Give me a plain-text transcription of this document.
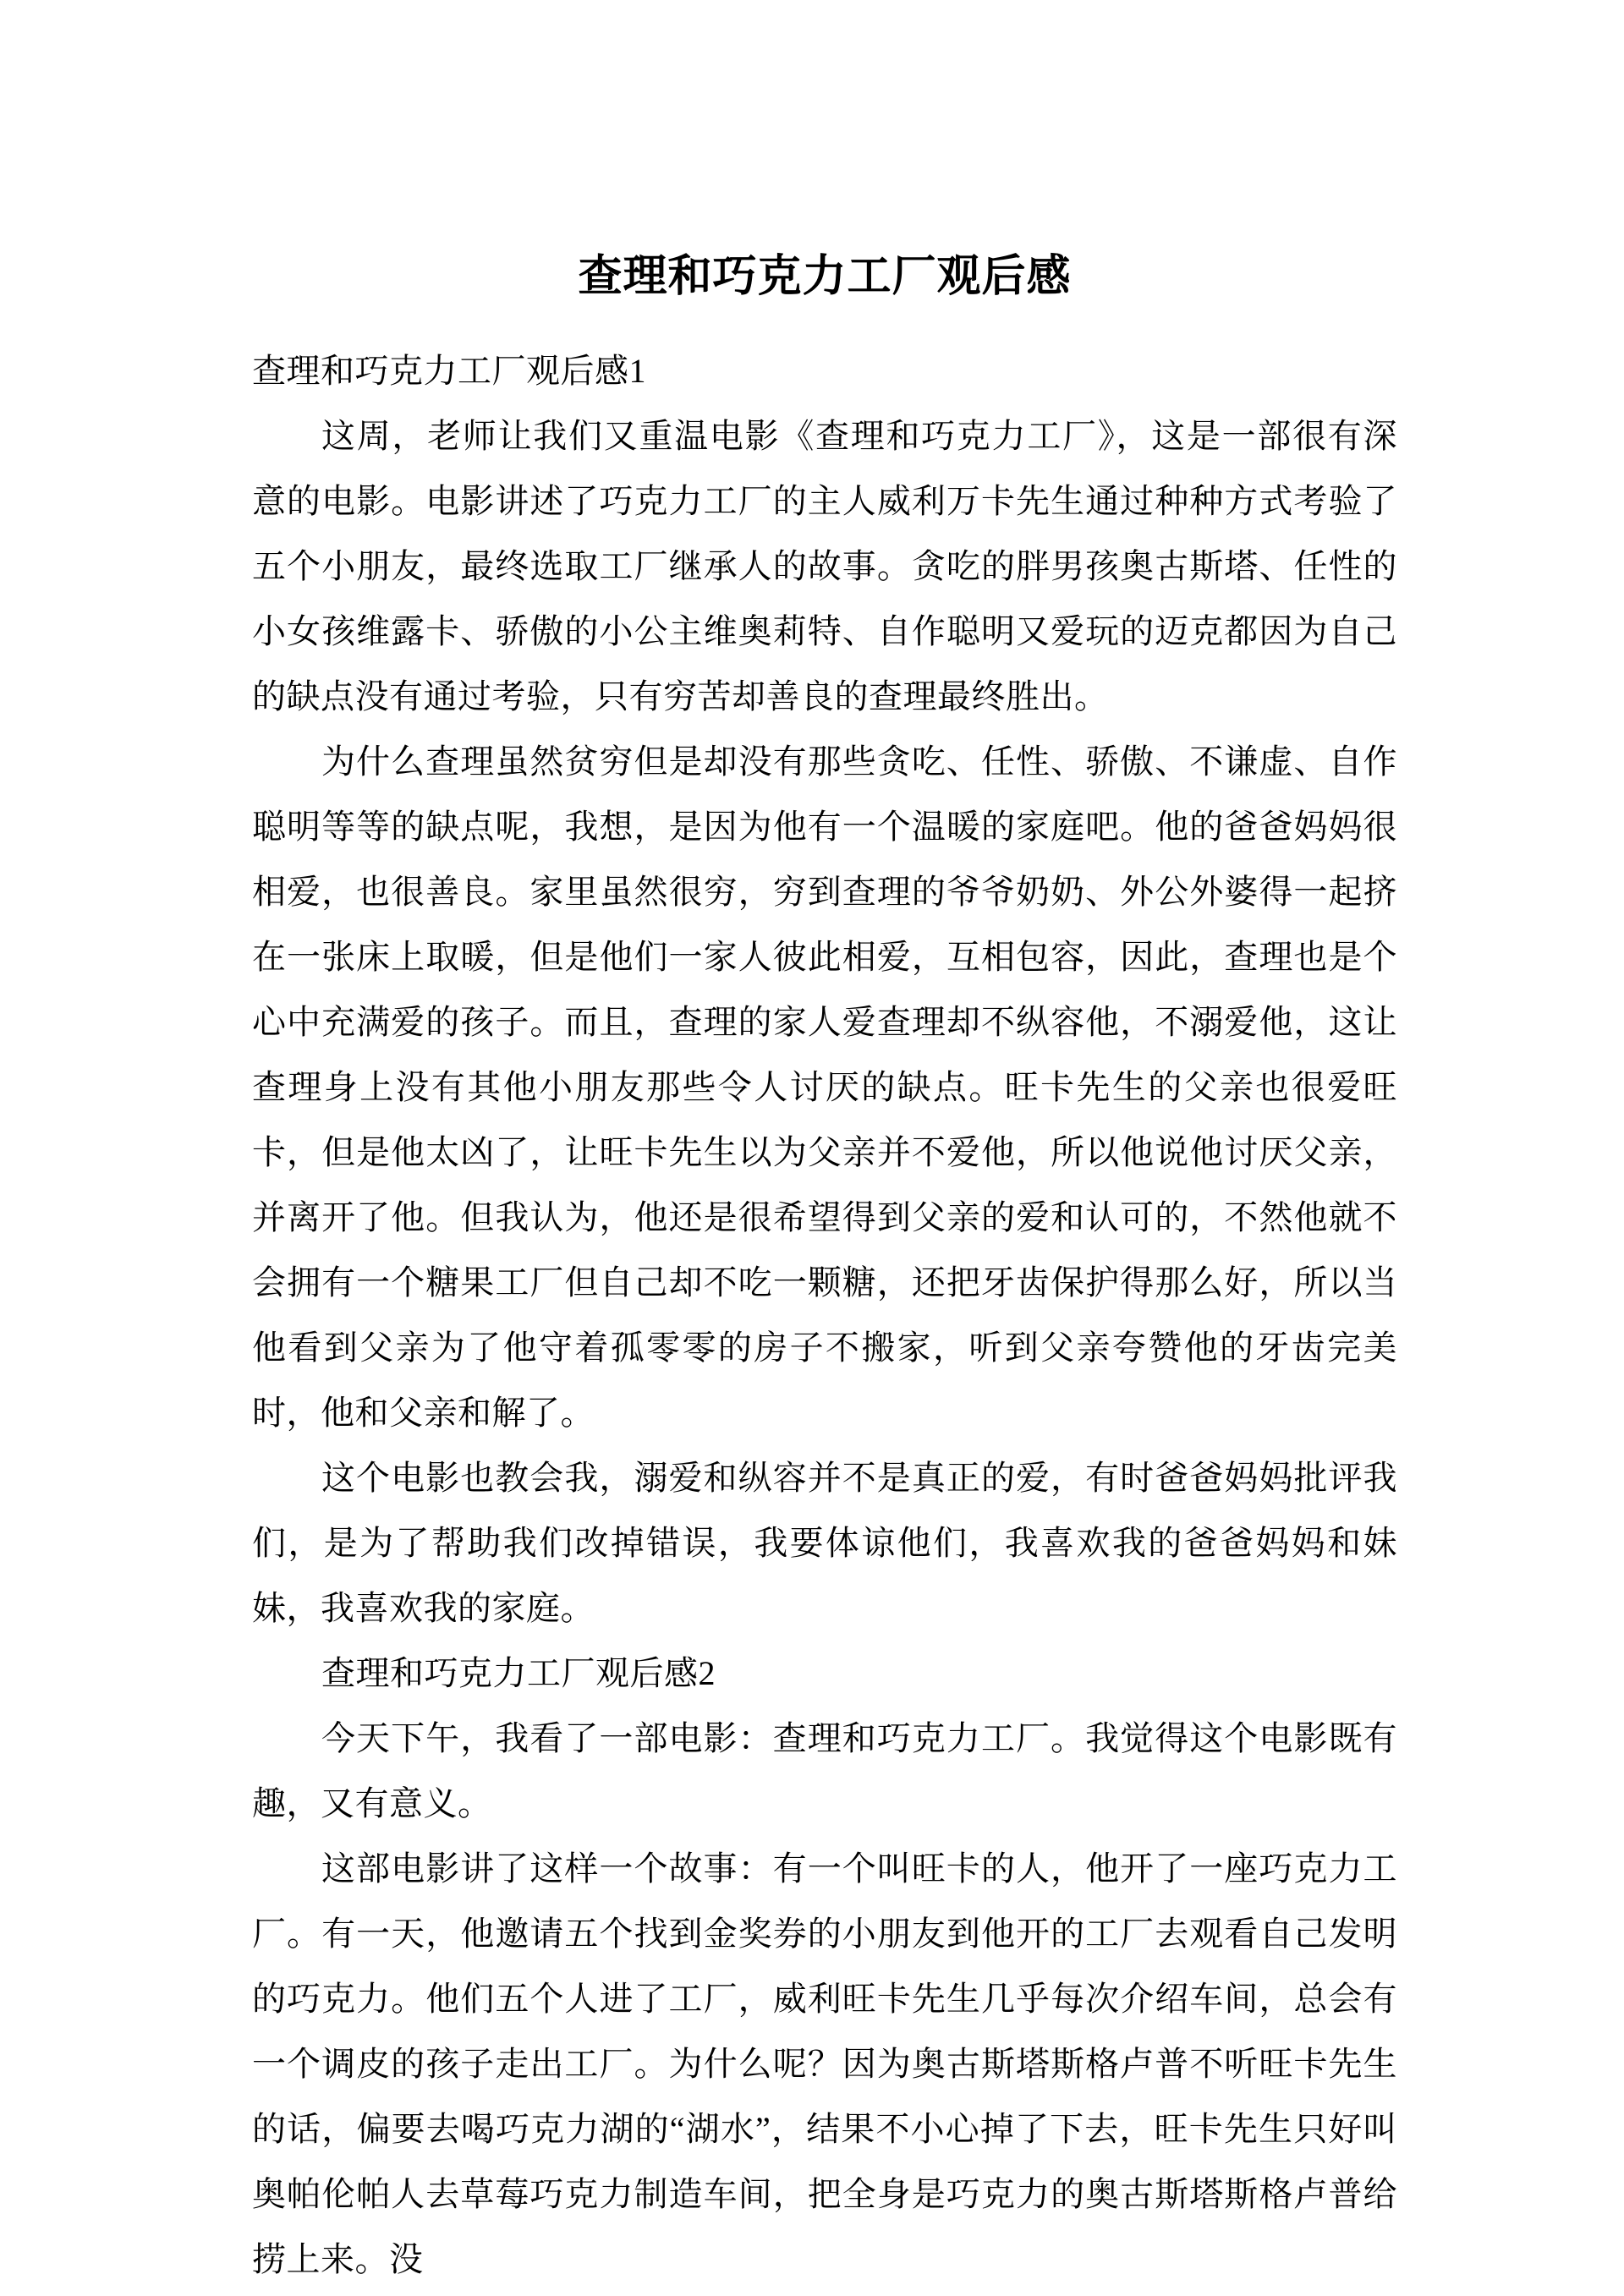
查理和巧克力工厂观后感

查理和巧克力工厂观后感1

这周，老师让我们又重温电影《查理和巧克力工厂》，这是一部很有深意的电影。电影讲述了巧克力工厂的主人威利万卡先生通过种种方式考验了五个小朋友，最终选取工厂继承人的故事。贪吃的胖男孩奥古斯塔、任性的小女孩维露卡、骄傲的小公主维奥莉特、自作聪明又爱玩的迈克都因为自己的缺点没有通过考验，只有穷苦却善良的查理最终胜出。

为什么查理虽然贫穷但是却没有那些贪吃、任性、骄傲、不谦虚、自作聪明等等的缺点呢，我想，是因为他有一个温暖的家庭吧。他的爸爸妈妈很相爱，也很善良。家里虽然很穷，穷到查理的爷爷奶奶、外公外婆得一起挤在一张床上取暖，但是他们一家人彼此相爱，互相包容，因此，查理也是个心中充满爱的孩子。而且，查理的家人爱查理却不纵容他，不溺爱他，这让查理身上没有其他小朋友那些令人讨厌的缺点。旺卡先生的父亲也很爱旺卡，但是他太凶了，让旺卡先生以为父亲并不爱他，所以他说他讨厌父亲，并离开了他。但我认为，他还是很希望得到父亲的爱和认可的，不然他就不会拥有一个糖果工厂但自己却不吃一颗糖，还把牙齿保护得那么好，所以当他看到父亲为了他守着孤零零的房子不搬家，听到父亲夸赞他的牙齿完美时，他和父亲和解了。

这个电影也教会我，溺爱和纵容并不是真正的爱，有时爸爸妈妈批评我们，是为了帮助我们改掉错误，我要体谅他们，我喜欢我的爸爸妈妈和妹妹，我喜欢我的家庭。

查理和巧克力工厂观后感2

今天下午，我看了一部电影：查理和巧克力工厂。我觉得这个电影既有趣，又有意义。

这部电影讲了这样一个故事：有一个叫旺卡的人，他开了一座巧克力工厂。有一天，他邀请五个找到金奖券的小朋友到他开的工厂去观看自己发明的巧克力。他们五个人进了工厂，威利旺卡先生几乎每次介绍车间，总会有一个调皮的孩子走出工厂。为什么呢？因为奥古斯塔斯格卢普不听旺卡先生的话，偏要去喝巧克力湖的“湖水”，结果不小心掉了下去，旺卡先生只好叫奥帕伦帕人去草莓巧克力制造车间，把全身是巧克力的奥古斯塔斯格卢普给捞上来。没
